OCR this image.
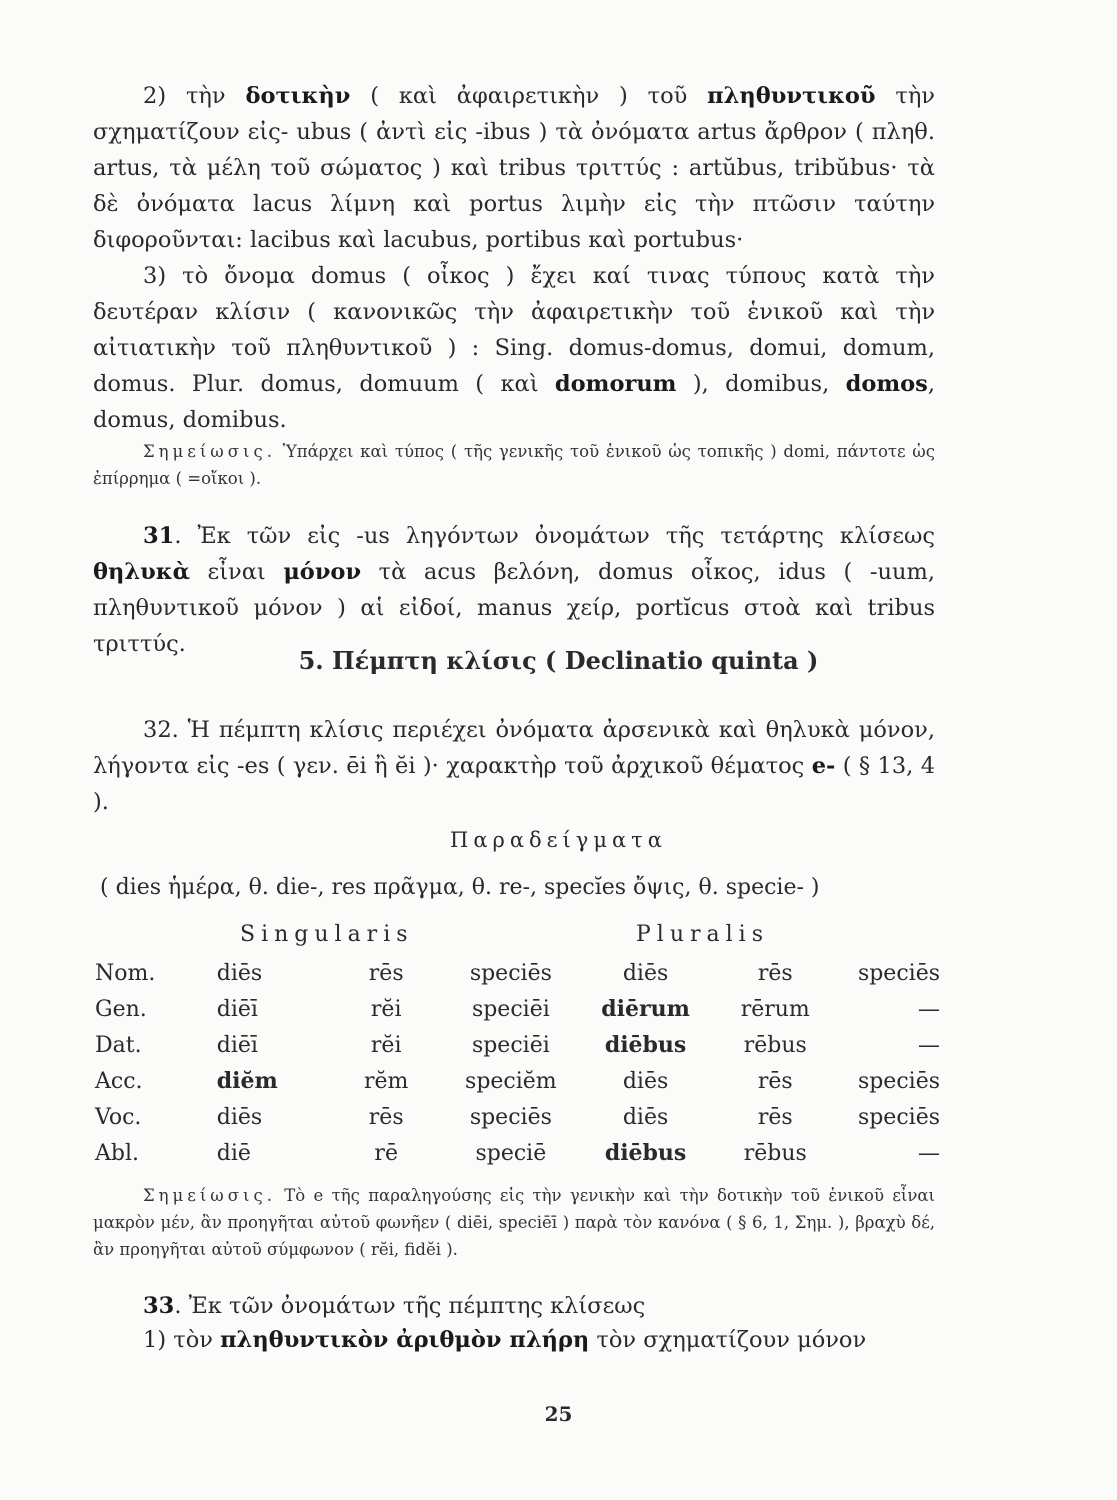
2) τὴν δοτικὴν ( καὶ ἀφαιρετικὴν ) τοῦ πληθυντικοῦ τὴν σχηματίζουν εἰς- ubus ( ἀντὶ εἰς -ibus ) τὰ ὀνόματα artus ἄρθρον ( πληθ. artus, τὰ μέλη τοῦ σώματος ) καὶ tribus τριττύς : artŭbus, tribŭbus· τὰ δὲ ὀνόματα lacus λίμνη καὶ portus λιμὴν εἰς τὴν πτῶσιν ταύτην διφοροῦνται: lacibus καὶ lacubus, portibus καὶ portubus·

3) τὸ ὄνομα domus ( οἶκος ) ἔχει καί τινας τύπους κατὰ τὴν δευτέραν κλίσιν ( κανονικῶς τὴν ἀφαιρετικὴν τοῦ ἑνικοῦ καὶ τὴν αἰτιατικὴν τοῦ πληθυντικοῦ ) : Sing. domus-domus, domui, domum, domus. Plur. domus, domuum ( καὶ domorum ), domibus, domos, domus, domibus.

Σημείωσις. Ὑπάρχει καὶ τύπος ( τῆς γενικῆς τοῦ ἑνικοῦ ὡς τοπικῆς ) domi, πάντοτε ὡς ἐπίρρημα ( =οἴκοι ).

31. Ἐκ τῶν εἰς -us ληγόντων ὀνομάτων τῆς τετάρτης κλίσεως θηλυκὰ εἶναι μόνον τὰ acus βελόνη, domus οἶκος, idus ( -uum, πληθυντικοῦ μόνον ) αἱ εἰδοί, manus χείρ, portĭcus στοὰ καὶ tribus τριττύς.

5. Πέμπτη κλίσις ( Declinatio quinta )

32. Ἡ πέμπτη κλίσις περιέχει ὀνόματα ἀρσενικὰ καὶ θηλυκὰ μόνον, λήγοντα εἰς -es ( γεν. ēi ἢ ĕi )· χαρακτὴρ τοῦ ἀρχικοῦ θέματος e- ( § 13, 4 ).

Παραδείγματα

( dies ἡμέρα, θ. die-, res πρᾶγμα, θ. re-, specĭes ὄψις, θ. specie- )

Singularis	Pluralis

Nom.	diēs	rēs	speciēs	diēs	rēs	speciēs
Gen.	diēī	rĕi	speciēi	diērum	rērum	—
Dat.	diēī	rĕi	speciēi	diēbus	rēbus	—
Acc.	diĕm	rĕm	speciĕm	diēs	rēs	speciēs
Voc.	diēs	rēs	speciēs	diēs	rēs	speciēs
Abl.	diē	rē	speciē	diēbus	rēbus	—

Σημείωσις. Τὸ e τῆς παραληγούσης εἰς τὴν γενικὴν καὶ τὴν δοτικὴν τοῦ ἑνικοῦ εἶναι μακρὸν μέν, ἂν προηγῆται αὐτοῦ φωνῆεν ( diēi, speciēī ) παρὰ τὸν κανόνα ( § 6, 1, Σημ. ), βραχὺ δέ, ἂν προηγῆται αὐτοῦ σύμφωνον ( rĕi, fidĕi ).

33. Ἐκ τῶν ὀνομάτων τῆς πέμπτης κλίσεως

1) τὸν πληθυντικὸν ἀριθμὸν πλήρη τὸν σχηματίζουν μόνον

25
